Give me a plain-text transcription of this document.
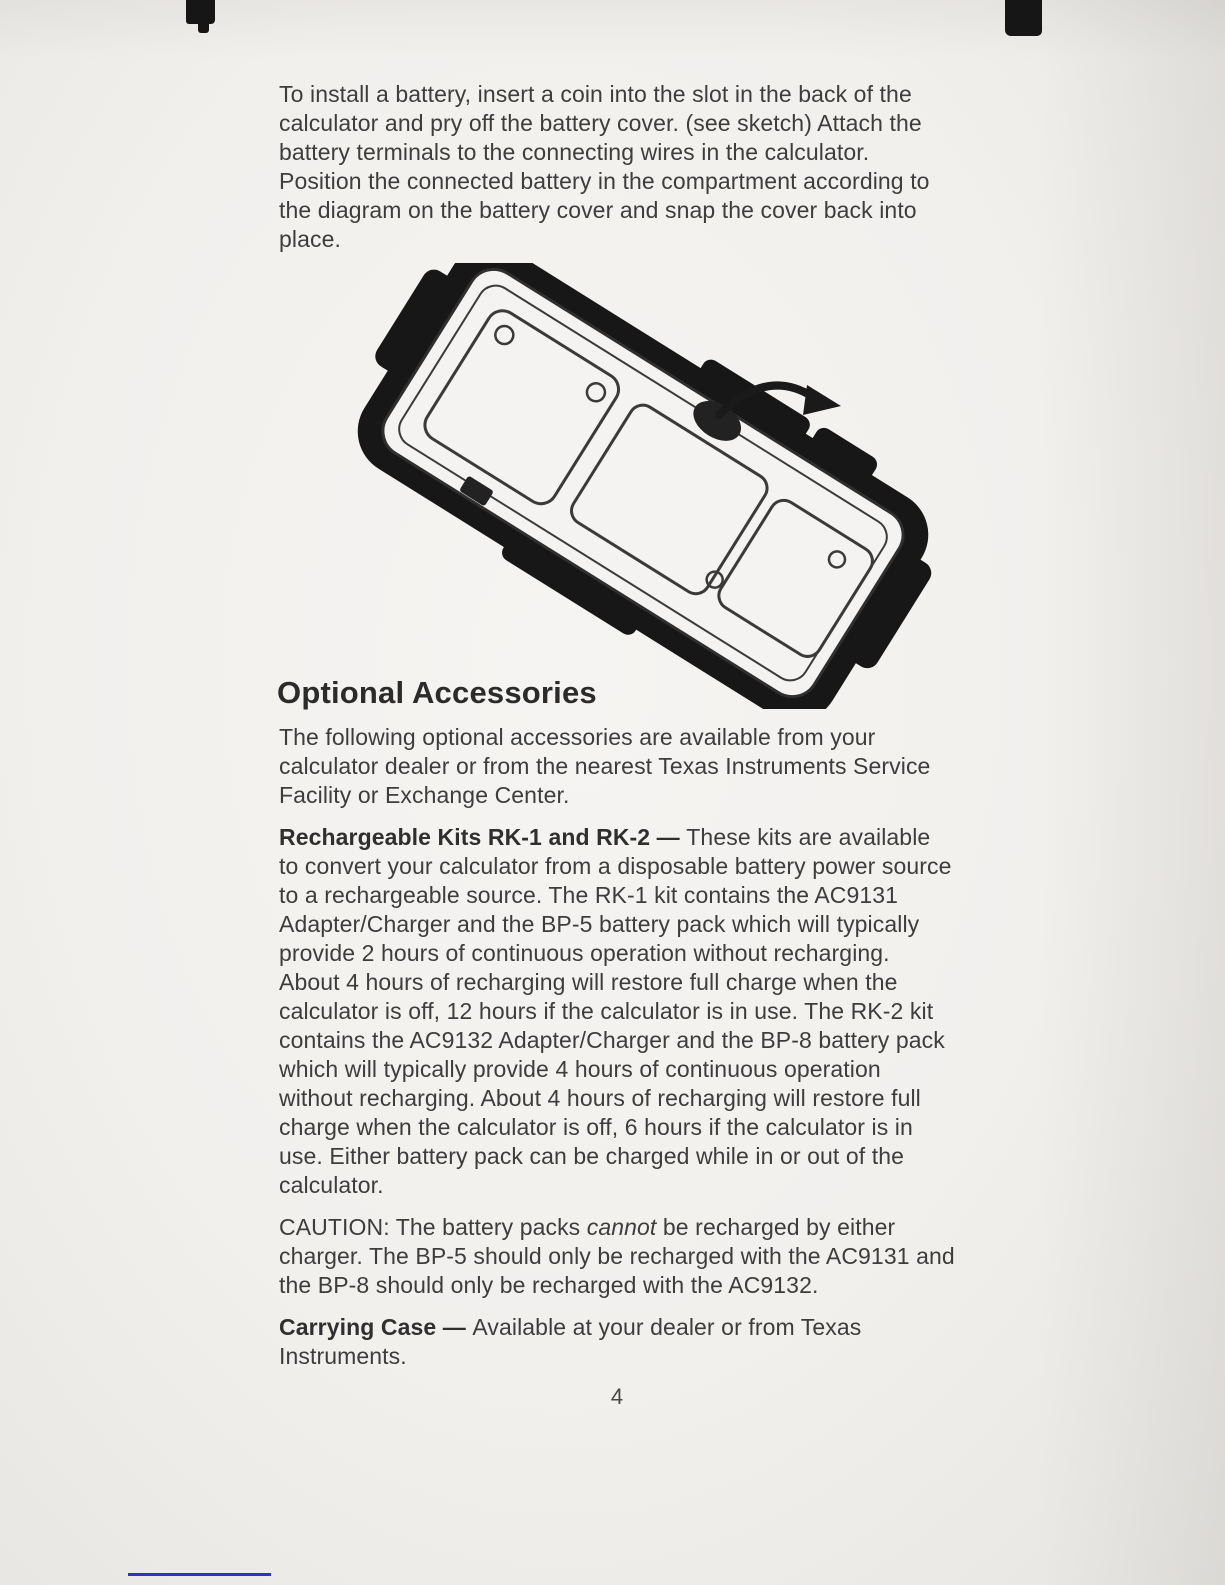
To install a battery, insert a coin into the slot in the back of the calculator and pry off the battery cover. (see sketch) Attach the battery terminals to the connecting wires in the calculator. Position the connected battery in the compartment according to the diagram on the battery cover and snap the cover back into place.

Optional Accessories

The following optional accessories are available from your calculator dealer or from the nearest Texas Instruments Service Facility or Exchange Center.

Rechargeable Kits RK-1 and RK-2 — These kits are available to convert your calculator from a disposable battery power source to a rechargeable source. The RK-1 kit contains the AC9131 Adapter/Charger and the BP-5 battery pack which will typically provide 2 hours of continuous operation without recharging. About 4 hours of recharging will restore full charge when the calculator is off, 12 hours if the calculator is in use. The RK-2 kit contains the AC9132 Adapter/Charger and the BP-8 battery pack which will typically provide 4 hours of continuous operation without recharging. About 4 hours of recharging will restore full charge when the calculator is off, 6 hours if the calculator is in use. Either battery pack can be charged while in or out of the calculator.

CAUTION: The battery packs cannot be recharged by either charger. The BP-5 should only be recharged with the AC9131 and the BP-8 should only be recharged with the AC9132.

Carrying Case — Available at your dealer or from Texas Instruments.

4
